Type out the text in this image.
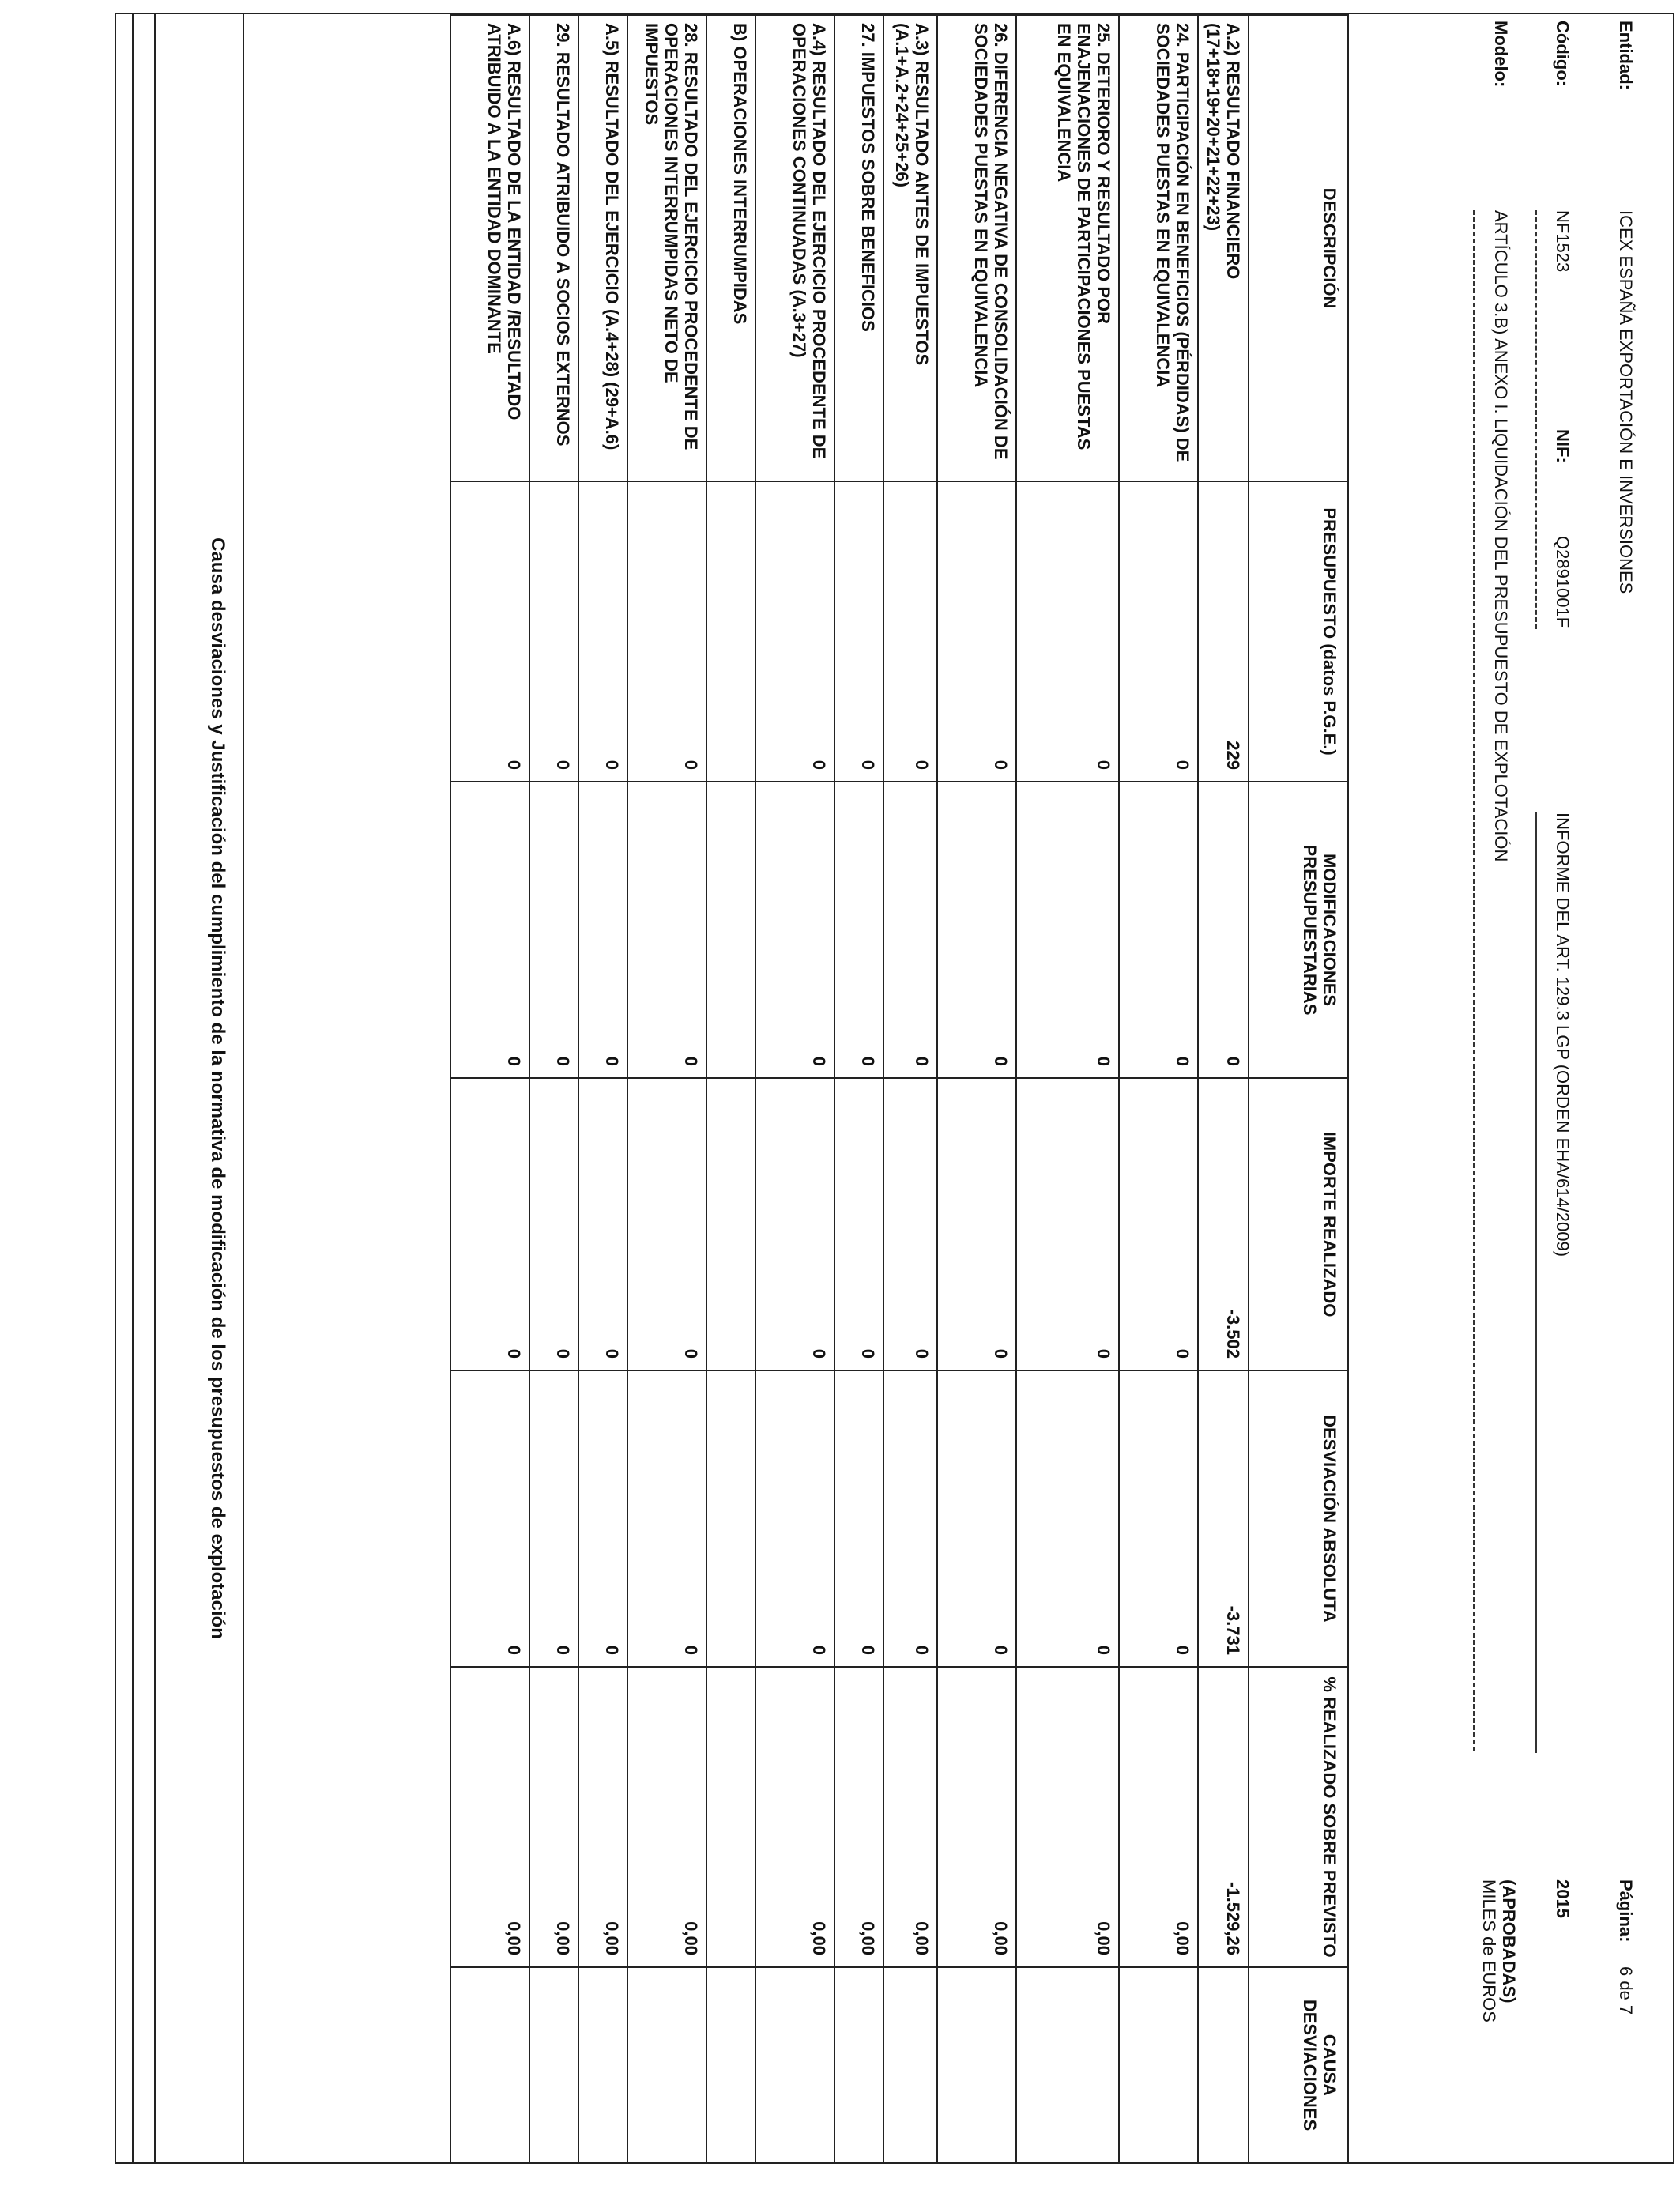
Entidad:
ICEX ESPAÑA EXPORTACIÓN E INVERSIONES
Página:
6 de 7
Código:
NF1523
NIF:
Q2891001F
INFORME DEL ART. 129.3 LGP (ORDEN EHA/614/2009)
2015
Modelo:
ARTÍCULO 3.B) ANEXO I. LIQUIDACIÓN DEL PRESUPUESTO DE EXPLOTACIÓN
(APROBADAS)
MILES de EUROS
DESCRIPCIÓN	PRESUPUESTO (datos P.G.E.)	MODIFICACIONES PRESUPUESTARIAS	IMPORTE REALIZADO	DESVIACIÓN ABSOLUTA	% REALIZADO SOBRE PREVISTO	CAUSA DESVIACIONES
A.2) RESULTADO FINANCIERO (17+18+19+20+21+22+23)	229	0	-3.502	-3.731	-1.529,26	
24. PARTICIPACIÓN EN BENEFICIOS (PÉRDIDAS) DE SOCIEDADES PUESTAS EN EQUIVALENCIA	0	0	0	0	0,00	
25. DETERIORO Y RESULTADO POR ENAJENACIONES DE PARTICIPACIONES PUESTAS EN EQUIVALENCIA	0	0	0	0	0,00	
26. DIFERENCIA NEGATIVA DE CONSOLIDACIÓN DE SOCIEDADES PUESTAS EN EQUIVALENCIA	0	0	0	0	0,00	
A.3) RESULTADO ANTES DE IMPUESTOS (A.1+A.2+24+25+26)	0	0	0	0	0,00	
27. IMPUESTOS SOBRE BENEFICIOS	0	0	0	0	0,00	
A.4) RESULTADO DEL EJERCICIO PROCEDENTE DE OPERACIONES CONTINUADAS (A.3+27)	0	0	0	0	0,00	
B) OPERACIONES INTERRUMPIDAS						
28. RESULTADO DEL EJERCICIO PROCEDENTE DE OPERACIONES INTERRUMPIDAS NETO DE IMPUESTOS	0	0	0	0	0,00	
A.5) RESULTADO DEL EJERCICIO (A.4+28) (29+A.6)	0	0	0	0	0,00	
29. RESULTADO ATRIBUIDO A SOCIOS EXTERNOS	0	0	0	0	0,00	
A.6) RESULTADO DE LA ENTIDAD /RESULTADO ATRIBUIDO A LA ENTIDAD DOMINANTE	0	0	0	0	0,00	
Causa desviaciones y Justificación del cumplimiento de la normativa de modificación de los presupuestos de explotación
